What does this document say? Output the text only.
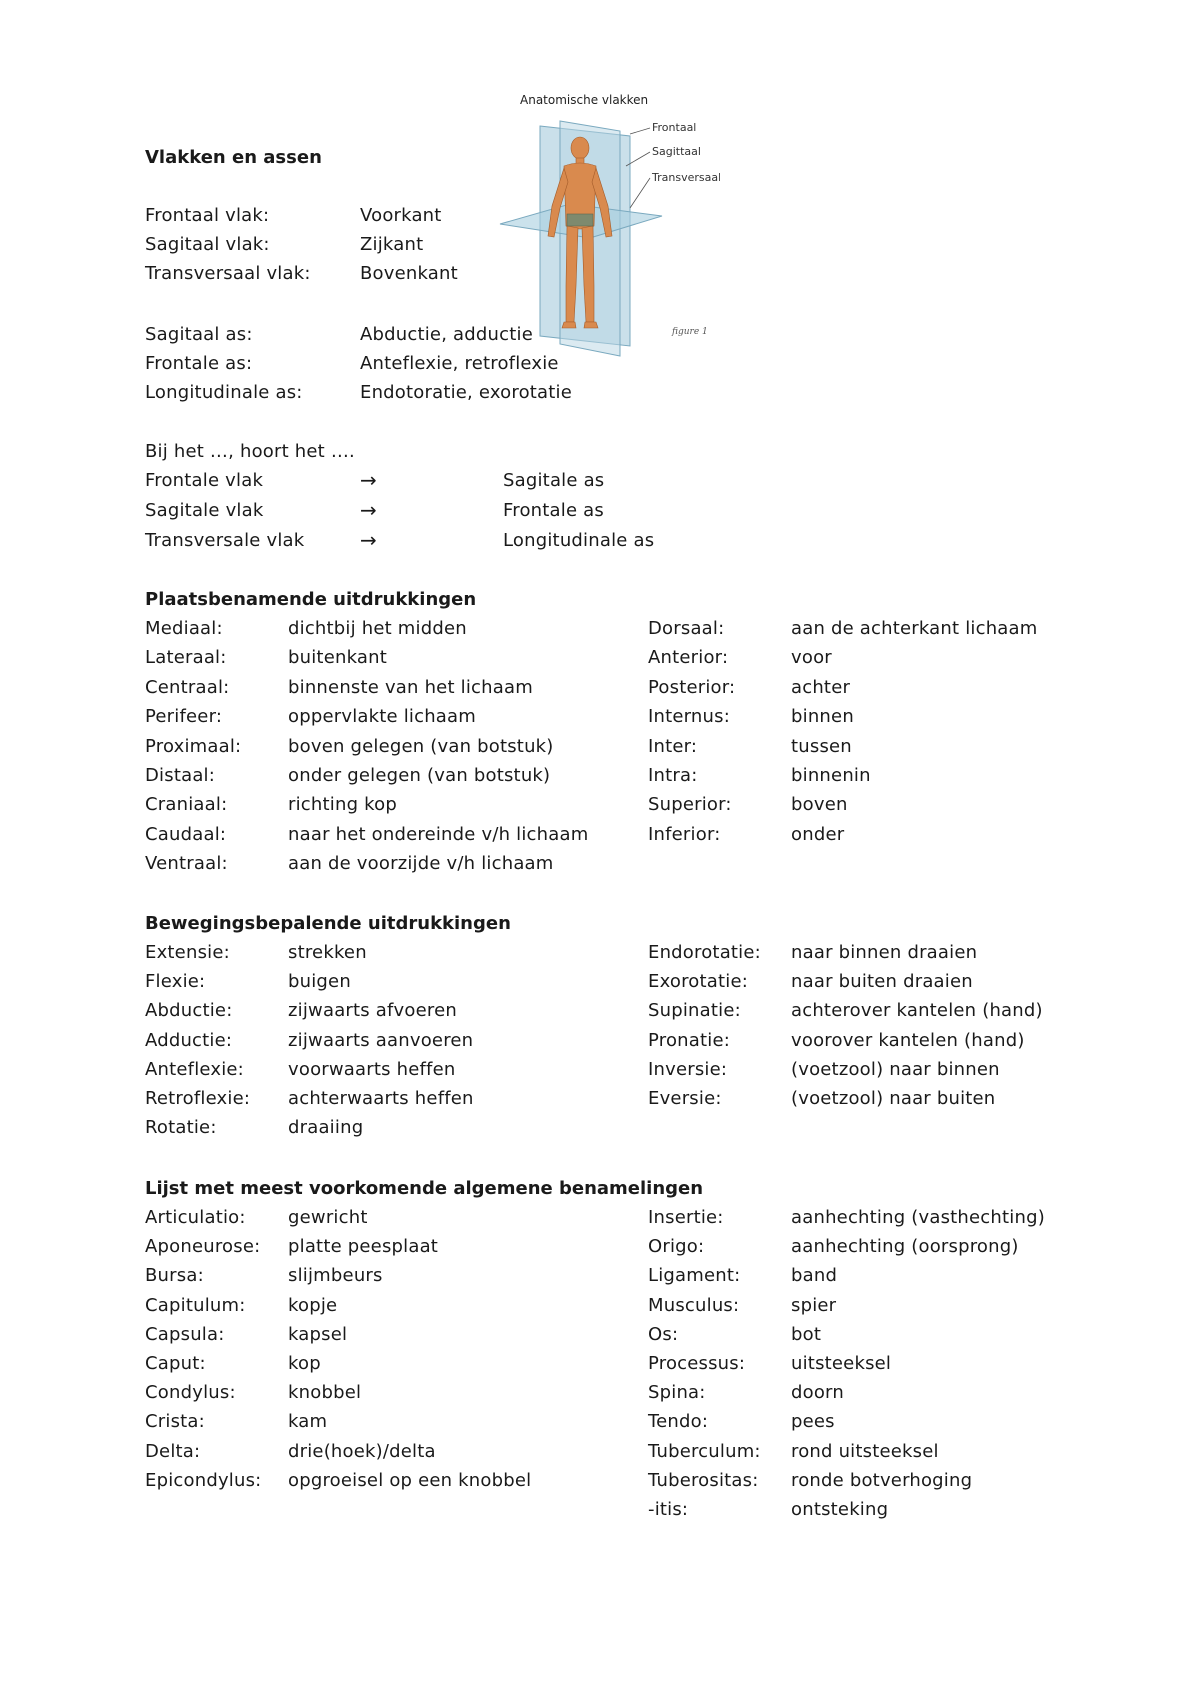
Vlakken en assen
Frontaal vlak:	Voorkant
Sagitaal vlak:	Zijkant
Transversaal vlak:	Bovenkant
Sagitaal as:	Abductie, adductie
Frontale as:	Anteflexie, retroflexie
Longitudinale as:	Endotoratie, exorotatie
Bij het …, hoort het ….
Frontale vlak	→	Sagitale as
Sagitale vlak	→	Frontale as
Transversale vlak	→	Longitudinale as
Anatomische vlakken
Frontaal
Sagittaal
Transversaal
figure 1
Plaatsbenamende uitdrukkingen
Mediaal:	dichtbij het midden
Lateraal:	buitenkant
Centraal:	binnenste van het lichaam
Perifeer:	oppervlakte lichaam
Proximaal:	boven gelegen (van botstuk)
Distaal:	onder gelegen (van botstuk)
Craniaal:	richting kop
Caudaal:	naar het ondereinde v/h lichaam
Ventraal:	aan de voorzijde v/h lichaam
Dorsaal:	aan de achterkant lichaam
Anterior:	voor
Posterior:	achter
Internus:	binnen
Inter:	tussen
Intra:	binnenin
Superior:	boven
Inferior:	onder
Bewegingsbepalende uitdrukkingen
Extensie:	strekken
Flexie:	buigen
Abductie:	zijwaarts afvoeren
Adductie:	zijwaarts aanvoeren
Anteflexie: voorwaarts heffen
Retroflexie: achterwaarts heffen
Rotatie:	draaiing
Endorotatie: naar binnen draaien
Exorotatie: naar buiten draaien
Supinatie:	achterover kantelen (hand)
Pronatie:	voorover kantelen (hand)
Inversie:	(voetzool) naar binnen
Eversie:	(voetzool) naar buiten
Lijst met meest voorkomende algemene benamelingen
Articulatio: gewricht
Aponeurose: platte peesplaat
Bursa:	slijmbeurs
Capitulum: kopje
Capsula:	kapsel
Caput:	kop
Condylus:	knobbel
Crista:	kam
Delta:	drie(hoek)/delta
Epicondylus: opgroeisel op een knobbel
Insertie:	aanhechting (vasthechting)
Origo:	aanhechting (oorsprong)
Ligament:	band
Musculus:	spier
Os:	bot
Processus:	uitsteeksel
Spina:	doorn
Tendo:	pees
Tuberculum: rond uitsteeksel
Tuberositas: ronde botverhoging
-itis:	ontsteking
